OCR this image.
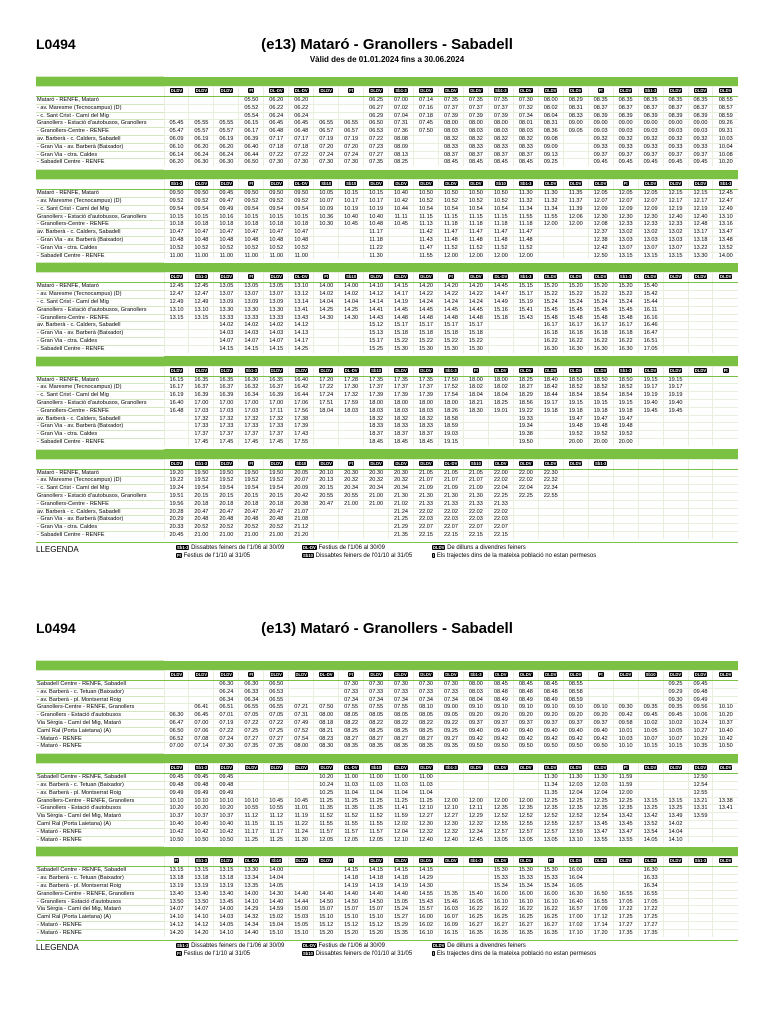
L0494	(e13) Mataró - Granollers - Sabadell
Vàlid des de 01.01.2024 fins a 30.06.2024

	DLDV	DLDV	DLDV	Ft	DL-DV	DL-DV	DLDV	Ft	DLDV	Sb1-3	DLDV	DLDV	DLDV	Sb1-3	DLDV	DLDV	DLDV	Ft	DLDV	Sb1-3	DLDV	DLDV	DLDV
Mataró - RENFE, Mataró				05.50	06.20	06.20			06.25	07.00	07.14	07.35	07.35	07.35	07.30	08.00	08.29	08.35	08.35	08.35	08.35	08.35	08.55
- av. Maresme (Tecnocampus) (D)				05.52	06.22	06.22			06.27	07.02	07.16	07.37	07.37	07.37	07.32	08.02	08.31	08.37	08.37	08.37	08.37	08.37	08.57
- c. Sant Crist - Camí del Mig				05.54	06.24	06.24			06.29	07.04	07.18	07.39	07.39	07.39	07.34	08.04	08.33	08.39	08.39	08.39	08.39	08.39	08.59
Granollers - Estació d'autobusos, Granollers	05.45	05.55	05.55	06.15	06.45	06.45	06.55	06.55	06.50	07.31	07.45	08.00	08.00	08.00	08.01	08.31	09.00	09.00	09.00	09.00	09.00	09.00	09.26
- Granollers-Centre - RENFE	05.47	05.57	05.57	06.17	06.48	06.48	06.57	06.57	06.53	07.36	07.50	08.03	08.03	08.03	08.03	08.36	09.05	09.03	09.03	09.03	09.03	09.03	09.31
av. Barberà - c. Calders, Sabadell	06.09	06.19	06.19	06.39	07.17	07.17	07.19	07.19	07.22	08.08		08.32	08.32	08.32	08.32	09.08		09.32	09.32	09.32	09.32	09.32	10.03
- Gran Via - av. Barberà (Baixador)	06.10	06.20	06.20	06.40	07.18	07.18	07.20	07.20	07.23	08.09		08.33	08.33	08.33	08.33	09.09		09.33	09.33	09.33	09.33	09.33	10.04
- Gran Via - ctra. Caldes	06.14	06.24	06.24	06.44	07.22	07.22	07.24	07.24	07.27	08.13		08.37	08.37	08.37	08.37	09.13		09.37	09.37	09.37	09.37	09.37	10.08
- Sabadell Centre - RENFE	06.20	06.30	06.30	06.50	07.30	07.30	07.30	07.30	07.35	08.25		08.45	08.45	08.45	08.45	09.25		09.45	09.45	09.45	09.45	09.45	10.20

	Sb1-3	DLDV	DLDV	Ft	DLDV	DL-DV	Sb10	Sb10	DLDV	DLDV	DLDV	DLDV	DLDV	Sb10	Sb1-3	DLDV	DLDV	DLDV	Ft	DLDV	DLDV	DLDV	Sb1-3
Mataró - RENFE, Mataró	09.50	09.50	09.45	09.50	09.50	09.50	10.05	10.15	10.15	10.40	10.50	10.50	10.50	10.50	11.30	11.30	11.35	12.05	12.05	12.05	12.15	12.15	12.45
- av. Maresme (Tecnocampus) (D)	09.52	09.52	09.47	09.52	09.52	09.52	10.07	10.17	10.17	10.42	10.52	10.52	10.52	10.52	11.32	11.32	11.37	12.07	12.07	12.07	12.17	12.17	12.47
- c. Sant Crist - Camí del Mig	09.54	09.54	09.49	09.54	09.54	09.54	10.09	10.19	10.19	10.44	10.54	10.54	10.54	10.54	11.34	11.34	11.39	12.09	12.09	12.09	12.19	12.19	12.49
Granollers - Estació d'autobusos, Granollers	10.15	10.15	10.16	10.15	10.15	10.15	10.36	10.40	10.40	11.11	11.15	11.15	11.15	11.15	11.55	11.55	12.06	12.30	12.30	12.30	12.40	12.40	13.10
- Granollers-Centre - RENFE	10.18	10.18	10.18	10.18	10.18	10.18	10.30	10.45	10.48	10.45	11.13	11.18	11.18	11.18	11.18	12.00	12.00	12.08	12.33	12.33	12.33	12.48	13.16
av. Barberà - c. Calders, Sabadell	10.47	10.47	10.47	10.47	10.47	10.47			11.17		11.42	11.47	11.47	11.47	11.47			12.37	13.02	13.02	13.02	13.17	13.47
- Gran Via - av. Barberà (Baixador)	10.48	10.48	10.48	10.48	10.48	10.48			11.18		11.43	11.48	11.48	11.48	11.48			12.38	13.03	13.03	13.03	13.18	13.48
- Gran Via - ctra. Caldes	10.52	10.52	10.52	10.52	10.52	10.52			11.22		11.47	11.52	11.52	11.52	11.52			12.42	13.07	13.07	13.07	13.22	13.52
- Sabadell Centre - RENFE	11.00	11.00	11.00	11.00	11.00	11.00			11.30		11.55	12.00	12.00	12.00	12.00			12.50	13.15	13.15	13.15	13.30	14.00

	DLDV	Sb1-3	DLDV	Ft	DLDV	DL-DV	Ft	Sb10	DLDV	DLDV	DLDV	Ft	DLDV	DL-DV	Sb1-3	DLDV	DLDV	DLDV	Sb1-3	DLDV	DLDV	DLDV	DLDV
Mataró - RENFE, Mataró	12.45	12.45	13.05	13.05	13.05	13.10	14.00	14.00	14.10	14.15	14.20	14.20	14.20	14.45	15.15	15.20	15.20	15.20	15.20	15.40			
- av. Maresme (Tecnocampus) (D)	12.47	12.47	13.07	13.07	13.07	13.12	14.02	14.02	14.12	14.17	14.22	14.22	14.22	14.47	15.17	15.22	15.22	15.22	15.22	15.42			
- c. Sant Crist - Camí del Mig	12.49	12.49	13.09	13.09	13.09	13.14	14.04	14.04	14.14	14.19	14.24	14.24	14.24	14.49	15.19	15.24	15.24	15.24	15.24	15.44			
Granollers - Estació d'autobusos, Granollers	13.10	13.10	13.30	13.30	13.30	13.41	14.25	14.25	14.41	14.45	14.45	14.45	14.45	15.16	15.41	15.45	15.45	15.45	15.45	16.11			
- Granollers-Centre - RENFE	13.15	13.15	13.33	13.33	13.33	13.43	14.30	14.30	14.43	14.48	14.48	14.48	14.48	15.18	15.43	15.48	15.48	15.48	15.48	16.16			
av. Barberà - c. Calders, Sabadell			14.02	14.02	14.02	14.12			15.12	15.17	15.17	15.17	15.17			16.17	16.17	16.17	16.17	16.46			
- Gran Via - av. Barberà (Baixador)			14.03	14.03	14.03	14.13			15.13	15.18	15.18	15.18	15.18			16.18	16.18	16.18	16.18	16.47			
- Gran Via - ctra. Caldes			14.07	14.07	14.07	14.17			15.17	15.22	15.22	15.22	15.22			16.22	16.22	16.22	16.22	16.51			
- Sabadell Centre - RENFE			14.15	14.15	14.15	14.25			15.25	15.30	15.30	15.30	15.30			16.30	16.30	16.30	16.30	17.05			

	DLDV	DLDV	DLDV	Sb1-3	DLDV	DLDV	DLDV	DL-DV	Sb10	DLDV	DLDV	Sb1-3	Ft	DLDV	DLDV	DLDV	DLDV	DLDV	Sb1-3	DLDV	DLDV	DLDV	Ft
Mataró - RENFE, Mataró	16.15	16.35	16.35	16.30	16.35	16.40	17.20	17.28	17.35	17.35	17.35	17.50	18.00	18.00	18.25	18.40	18.50	18.50	18.50	19.15	19.15		
- av. Maresme (Tecnocampus) (D)	16.17	16.37	16.37	16.32	16.37	16.42	17.22	17.30	17.37	17.37	17.37	17.52	18.02	18.02	18.27	18.42	18.52	18.52	18.52	19.17	19.17		
- c. Sant Crist - Camí del Mig	16.19	16.39	16.39	16.34	16.39	16.44	17.24	17.32	17.39	17.39	17.39	17.54	18.04	18.04	18.29	18.44	18.54	18.54	18.54	19.19	19.19		
Granollers - Estació d'autobusos, Granollers	16.40	17.00	17.00	17.00	17.00	17.06	17.51	17.59	18.00	18.00	18.00	18.00	18.21	18.25	18.56	19.17	19.15	19.15	19.15	19.40	19.40		
- Granollers-Centre - RENFE	16.48	17.03	17.03	17.03	17.11	17.56	18.04	18.03	18.03	18.03	18.03	18.26	18.30	19.01	19.22	19.18	19.18	19.18	19.18	19.45	19.45		
av. Barberà - c. Calders, Sabadell		17.32	17.32	17.32	17.32	17.38			18.32	18.32	18.32	18.58			19.33		19.47	19.47	19.47				
- Gran Via - av. Barberà (Baixador)		17.33	17.33	17.33	17.33	17.39			18.33	18.33	18.33	18.59			19.34		19.48	19.48	19.48				
- Gran Via - ctra. Caldes		17.37	17.37	17.37	17.37	17.43			18.37	18.37	18.37	19.03			19.38		19.52	19.52	19.52				
- Sabadell Centre - RENFE		17.45	17.45	17.45	17.45	17.55			18.45	18.45	18.45	19.15			19.50		20.00	20.00	20.00				

	DLDV	Sb1-3	DLDV	Ft	DLDV	Sb10	DLDV	Ft	DLDV	DLDV	DLDV	DL-DV	Sb10	DLDV	DLDV	DLDV	DLDV	Sb1-3					
Mataró - RENFE, Mataró	19.20	19.50	19.50	19.50	19.50	20.05	20.10	20.30	20.30	20.30	21.05	21.05	21.05	22.00	22.00	22.30							
- av. Maresme (Tecnocampus) (D)	19.22	19.52	19.52	19.52	19.52	20.07	20.13	20.32	20.32	20.32	21.07	21.07	21.07	22.02	22.02	22.32							
- c. Sant Crist - Camí del Mig	19.24	19.54	19.54	19.54	19.54	20.09	20.15	20.34	20.34	20.34	21.09	21.09	21.09	22.04	22.04	22.34							
Granollers - Estació d'autobusos, Granollers	19.51	20.15	20.15	20.15	20.15	20.42	20.55	20.55	21.00	21.30	21.30	21.30	21.30	22.25	22.25	22.55							
- Granollers-Centre - RENFE	19.56	20.18	20.18	20.18	20.18	20.38	20.47	21.00	21.00	21.02	21.33	21.33	21.33	21.33									
av. Barberà - c. Calders, Sabadell	20.28	20.47	20.47	20.47	20.47	21.07				21.24	22.02	22.02	22.02	22.02									
- Gran Via - av. Barberà (Baixador)	20.29	20.48	20.48	20.48	20.48	21.08				21.25	22.03	22.03	22.03	22.03									
- Gran Via - ctra. Caldes	20.33	20.52	20.52	20.52	20.52	21.12				21.29	22.07	22.07	22.07	22.07									
- Sabadell Centre - RENFE	20.45	21.00	21.00	21.00	21.00	21.20				21.35	22.15	22.15	22.15	22.15									
LLEGENDA	Sb1-3 Dissabtes feiners de l'1/06 al 30/09
Ft Festius de l'1/10 al 31/05
DL-DV Festius de l'1/06 al 30/09
Sb10 Dissabtes feiners de l'01/10 al 31/05
DLDV De dilluns a divendres feiners
I Els trajectes dins de la mateixa població no estan permesos
L0494	(e13) Mataró - Granollers - Sabadell

	DLDV	DLDV	DLDV	Ft	DLDV	DLDV	DL-DV	Ft	DLDV	DLDV	DLDV	DLDV	Sb1-3	DLDV	DLDV	DLDV	DLDV	Ft	DLDV	Sb10	DLDV	DLDV	DLDV
Sabadell Centre - RENFE, Sabadell			06.30	06.30	06.50			07.30	07.30	07.30	07.30	07.30	08.00	08.45	08.45	08.45	08.55				09.25	09.45	
- av. Barberà - c. Tetuan (Baixador)			06.24	06.33	06.53			07.33	07.33	07.33	07.33	07.33	08.03	08.48	08.48	08.48	08.58				09.29	09.48	
- av. Barberà - pl. Montserrat Roig			06.34	06.34	06.55			07.34	07.34	07.34	07.34	07.34	08.04	08.49	08.49	08.49	08.59				09.30	09.49	
Granollers-Centre - RENFE, Granollers		06.41	06.51	06.55	06.55	07.21	07.50	07.55	07.55	07.55	08.10	09.00	09.10	09.10	09.10	09.10	09.10	09.10	09.30	09.35	09.35	09.56	10.10
- Granollers - Estació d'autobusos	06.30	06.45	07.01	07.05	07.05	07.31	08.00	08.05	08.05	08.05	08.05	09.05	09.20	09.20	09.20	09.20	09.20	09.20	09.42	09.45	09.45	10.06	10.20
Via Sèrgia - Camí del Mig, Mataró	06.47	07.00	07.19	07.22	07.22	07.49	08.18	08.22	08.22	08.22	08.22	09.22	09.37	09.37	09.37	09.37	09.37	09.37	09.58	10.02	10.02	10.24	10.37
Camí Ral (Porta Laietana) (A)	06.50	07.06	07.22	07.25	07.25	07.52	08.21	08.25	08.25	08.25	08.25	09.25	09.40	09.40	09.40	09.40	09.40	09.40	10.01	10.05	10.05	10.27	10.40
- Mataró - RENFE	06.52	07.08	07.24	07.27	07.27	07.54	08.23	08.27	08.27	08.27	08.27	09.27	09.42	09.42	09.42	09.42	09.42	09.42	10.03	10.07	10.07	10.29	10.42
- Mataró - RENFE	07.00	07.14	07.30	07.35	07.35	08.00	08.30	08.35	08.35	08.35	08.35	09.35	09.50	09.50	09.50	09.50	09.50	09.50	10.10	10.15	10.15	10.35	10.50

	DLDV	Sb1-3	DLDV	DLDV	DLDV	DLDV	DLDV	DL-DV	Sb10	DLDV	DLDV	Sb1-3	DLDV	DLDV	DLDV	DLDV	DLDV	DLDV	Ft	DLDV	DLDV	DLDV	DLDV
Sabadell Centre - RENFE, Sabadell	09.45	09.45	09.45				10.20	11.00	11.00	11.00	11.00					11.30	11.30	11.30	11.59			12.50	
- av. Barberà - c. Tetuan (Baixador)	09.48	09.48	09.48				10.24	11.03	11.03	11.03	11.03					11.34	12.03	12.03	11.59			12.54	
- av. Barberà - pl. Montserrat Roig	09.49	09.49	09.49				10.25	11.04	11.04	11.04	11.04					11.35	12.04	12.04	12.00			12.55	
Granollers-Centre - RENFE, Granollers	10.10	10.10	10.10	10.10	10.45	10.45	11.25	11.25	11.25	11.25	11.25	12.00	12.00	12.00	12.00	12.25	12.25	12.25	12.25	13.15	13.15	13.21	13.38
- Granollers - Estació d'autobusos	10.20	10.20	10.20	10.55	10.55	11.01	11.35	11.35	11.35	11.41	12.10	12.10	12.11	12.35	12.35	12.35	12.35	12.35	12.35	13.25	13.25	13.31	13.41
Via Sèrgia - Camí del Mig, Mataró	10.37	10.37	10.37	11.12	11.12	11.19	11.52	11.52	11.52	11.59	12.27	12.27	12.29	12.52	12.52	12.52	12.52	12.54	13.42	13.42	13.49	13.59	
Camí Ral (Porta Laietana) (A)	10.40	10.40	10.40	11.15	11.15	11.22	11.55	11.55	11.55	12.02	12.30	12.30	12.32	12.55	12.55	12.55	12.57	13.45	13.45	13.52	14.02		
- Mataró - RENFE	10.42	10.42	10.42	11.17	11.17	11.24	11.57	11.57	11.57	12.04	12.32	12.32	12.34	12.57	12.57	12.57	12.59	13.47	13.47	13.54	14.04		
- Mataró - RENFE	10.50	10.50	10.50	11.25	11.25	11.30	12.05	12.05	12.05	12.10	12.40	12.40	12.45	13.05	13.05	13.05	13.10	13.55	13.55	14.05	14.10		

	Ft	Sb1-3	DLDV	DL-DV	Sb10	DLDV	DLDV	Ft	DLDV	DLDV	DLDV	DLDV	Sb1-3	DLDV	DLDV	Ft	DLDV	DLDV	DLDV	DLDV	DLDV	Sb1-3	DLDV
Sabadell Centre - RENFE, Sabadell	13.15	13.15	13.15	13.30	14.00			14.15	14.15	14.15	14.15			15.30	15.30	15.30	16.00			16.30			
- av. Barberà - c. Tetuan (Baixador)	13.18	13.18	13.18	13.34	14.04			14.18	14.18	14.18	14.29			15.33	15.33	15.33	16.04			16.33			
- av. Barberà - pl. Montserrat Roig	13.19	13.19	13.19	13.35	14.05			14.19	14.19	14.19	14.30			15.34	15.34	15.34	16.05			16.34			
Granollers-Centre - RENFE, Granollers	13.40	13.40	13.40	14.00	14.30	14.40	14.40	14.40	14.40	14.40	14.55	15.35	15.40	16.00	16.00	16.00	16.30	16.50	16.55	16.55			
- Granollers - Estació d'autobusos	13.50	13.50	13.45	14.10	14.40	14.44	14.50	14.50	14.50	15.05	15.43	15.46	16.05	16.10	16.10	16.10	16.40	16.55	17.05	17.05			
Via Sèrgia - Camí del Mig, Mataró	14.07	14.07	14.00	14.29	14.59	15.00	15.07	15.07	15.07	15.24	15.57	16.03	16.22	16.22	16.22	16.22	16.57	17.09	17.22	17.22			
Camí Ral (Porta Laietana) (A)	14.10	14.10	14.03	14.32	15.02	15.03	15.10	15.10	15.10	15.27	16.00	16.07	16.25	16.25	16.25	16.25	17.00	17.12	17.25	17.25			
- Mataró - RENFE	14.12	14.12	14.05	14.34	15.04	15.05	15.12	15.12	15.12	15.29	16.02	16.09	16.27	16.27	16.27	16.27	17.02	17.14	17.27	17.27			
- Mataró - RENFE	14.20	14.20	14.10	14.40	15.10	15.10	15.20	15.20	15.20	15.35	16.10	16.15	16.35	16.35	16.35	16.35	17.10	17.20	17.35	17.35			
LLEGENDA	Sb1-3 Dissabtes feiners de l'1/06 al 30/09
Ft Festius de l'1/10 al 31/05
DL-DV Festius de l'1/06 al 30/09
Sb10 Dissabtes feiners de l'01/10 al 31/05
DLDV De dilluns a divendres feiners
I Els trajectes dins de la mateixa població no estan permesos
